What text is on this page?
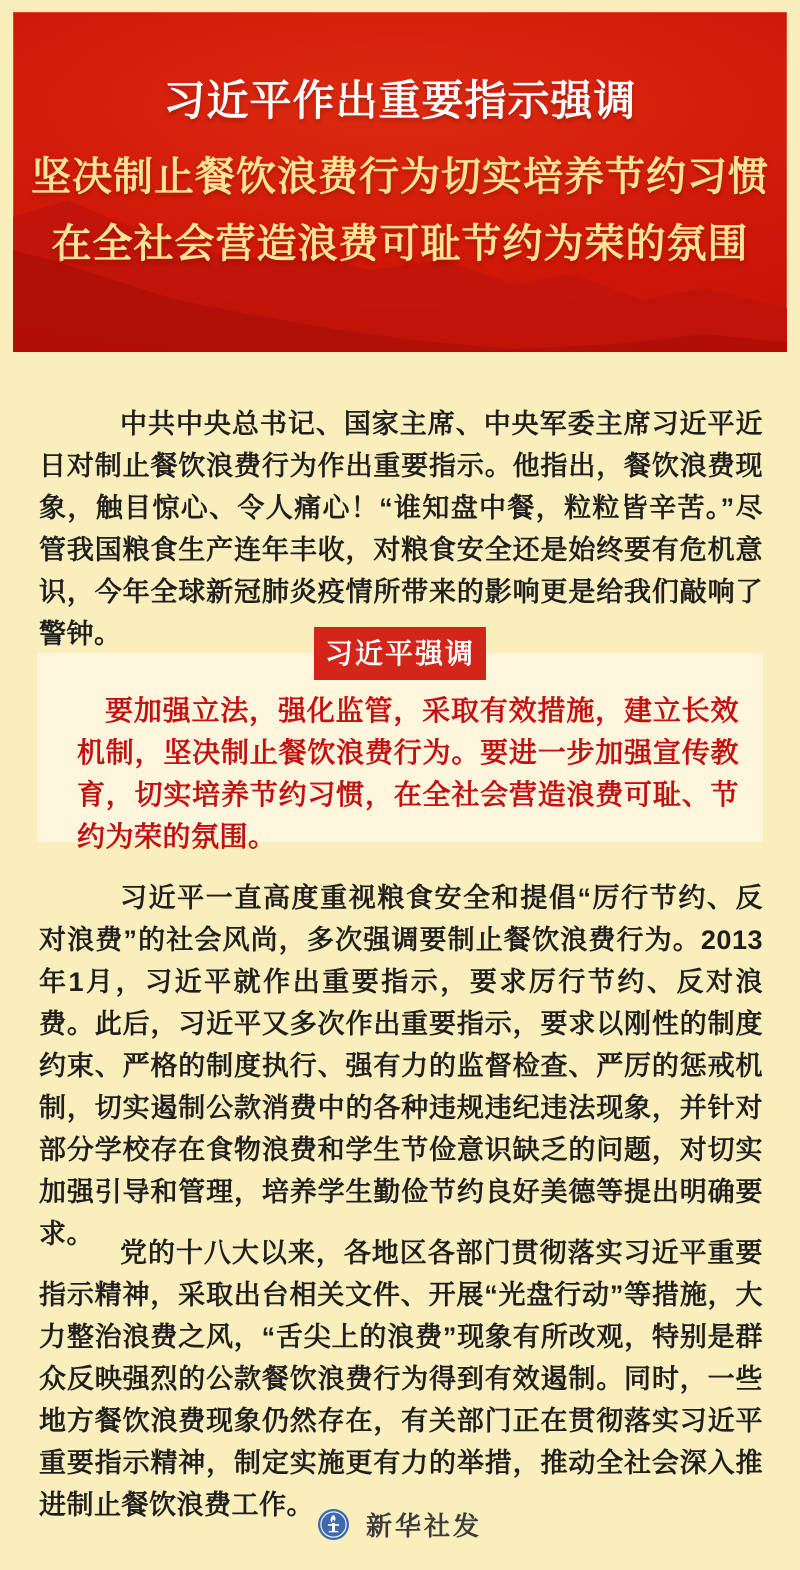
习近平作出重要指示强调
坚决制止餐饮浪费行为切实培养节约习惯
在全社会营造浪费可耻节约为荣的氛围

中共中央总书记、国家主席、中央军委主席习近平近日对制止餐饮浪费行为作出重要指示。他指出，餐饮浪费现象，触目惊心、令人痛心！“谁知盘中餐，粒粒皆辛苦。”尽管我国粮食生产连年丰收，对粮食安全还是始终要有危机意识，今年全球新冠肺炎疫情所带来的影响更是给我们敲响了警钟。

习近平强调

要加强立法，强化监管，采取有效措施，建立长效机制，坚决制止餐饮浪费行为。要进一步加强宣传教育，切实培养节约习惯，在全社会营造浪费可耻、节约为荣的氛围。

习近平一直高度重视粮食安全和提倡“厉行节约、反对浪费”的社会风尚，多次强调要制止餐饮浪费行为。2013年1月，习近平就作出重要指示，要求厉行节约、反对浪费。此后，习近平又多次作出重要指示，要求以刚性的制度约束、严格的制度执行、强有力的监督检查、严厉的惩戒机制，切实遏制公款消费中的各种违规违纪违法现象，并针对部分学校存在食物浪费和学生节俭意识缺乏的问题，对切实加强引导和管理，培养学生勤俭节约良好美德等提出明确要求。

党的十八大以来，各地区各部门贯彻落实习近平重要指示精神，采取出台相关文件、开展“光盘行动”等措施，大力整治浪费之风，“舌尖上的浪费”现象有所改观，特别是群众反映强烈的公款餐饮浪费行为得到有效遏制。同时，一些地方餐饮浪费现象仍然存在，有关部门正在贯彻落实习近平重要指示精神，制定实施更有力的举措，推动全社会深入推进制止餐饮浪费工作。

新华社发
